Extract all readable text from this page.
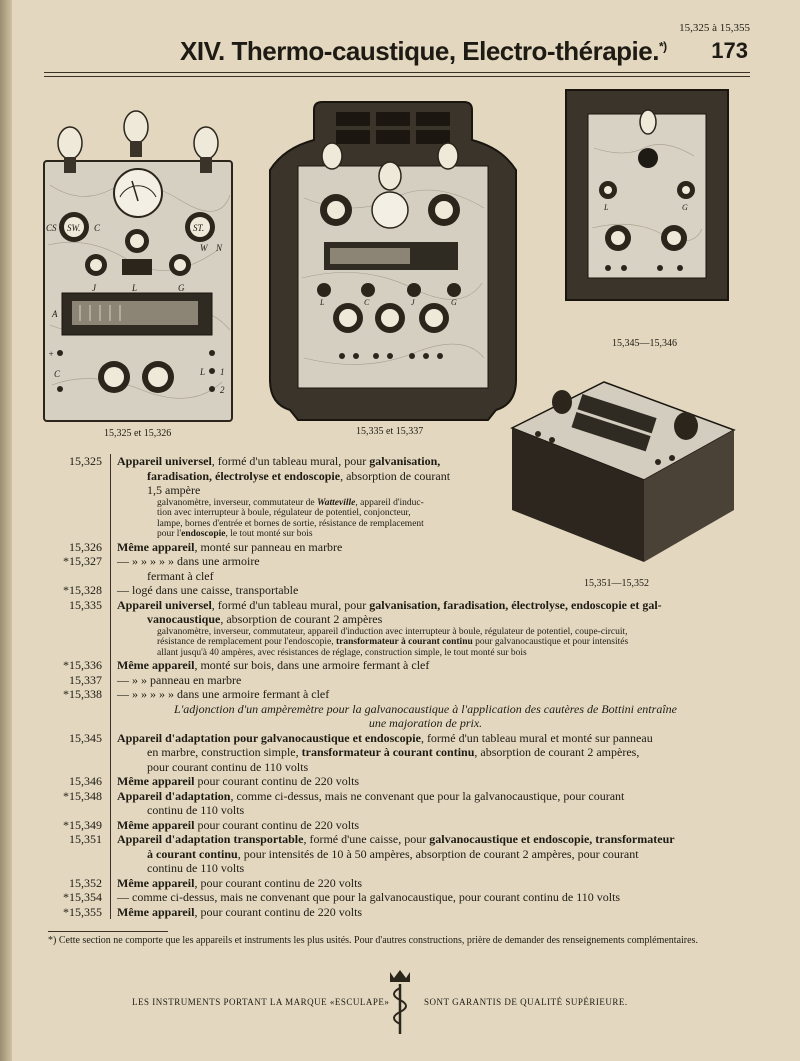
15,325 à 15,355
173
XIV. Thermo-caustique, Electro-thérapie.*)
CS SW. C	ST.
W N
L
J	G
A
+
C	L 1
2
15,325 et 15,326
L	C	J	G
15,335 et 15,337
L	G
15,345—15,346
15,351—15,352
15,325	Appareil universel, formé d'un tableau mural, pour galvanisation,
faradisation, électrolyse et endoscopie, absorption de courant
1,5 ampère
galvanomètre, inverseur, commutateur de Watteville, appareil d'induc-
tion avec interrupteur à boule, régulateur de potentiel, conjoncteur,
lampe, bornes d'entrée et bornes de sortie, résistance de remplacement
pour l'endoscopie, le tout monté sur bois
15,326	Même appareil, monté sur panneau en marbre
*15,327	— » » » » » dans une armoire
fermant à clef
*15,328	— logé dans une caisse, transportable
15,335	Appareil universel, formé d'un tableau mural, pour galvanisation, faradisation, électrolyse, endoscopie et gal-
vanocaustique, absorption de courant 2 ampères
galvanomètre, inverseur, commutateur, appareil d'induction avec interrupteur à boule, régulateur de potentiel, coupe-circuit,
résistance de remplacement pour l'endoscopie, transformateur à courant continu pour galvanocaustique et pour intensités
allant jusqu'à 40 ampères, avec résistances de réglage, construction simple, le tout monté sur bois
*15,336	Même appareil, monté sur bois, dans une armoire fermant à clef
15,337	— » » panneau en marbre
*15,338	— » » » » » dans une armoire fermant à clef
L'adjonction d'un ampèremètre pour la galvanocaustique à l'application des cautères de Bottini entraîne
une majoration de prix.
15,345	Appareil d'adaptation pour galvanocaustique et endoscopie, formé d'un tableau mural et monté sur panneau
en marbre, construction simple, transformateur à courant continu, absorption de courant 2 ampères,
pour courant continu de 110 volts
15,346	Même appareil pour courant continu de 220 volts
*15,348	Appareil d'adaptation, comme ci-dessus, mais ne convenant que pour la galvanocaustique, pour courant
continu de 110 volts
*15,349	Même appareil pour courant continu de 220 volts
15,351	Appareil d'adaptation transportable, formé d'une caisse, pour galvanocaustique et endoscopie, transformateur
à courant continu, pour intensités de 10 à 50 ampères, absorption de courant 2 ampères, pour courant
continu de 110 volts
15,352	Même appareil, pour courant continu de 220 volts
*15,354	— comme ci-dessus, mais ne convenant que pour la galvanocaustique, pour courant continu de 110 volts
*15,355	Même appareil, pour courant continu de 220 volts
*) Cette section ne comporte que les appareils et instruments les plus usités. Pour d'autres constructions, prière de demander des renseignements complémentaires.
LES INSTRUMENTS PORTANT LA MARQUE «ESCULAPE»	SONT GARANTIS DE QUALITÉ SUPÉRIEURE.
